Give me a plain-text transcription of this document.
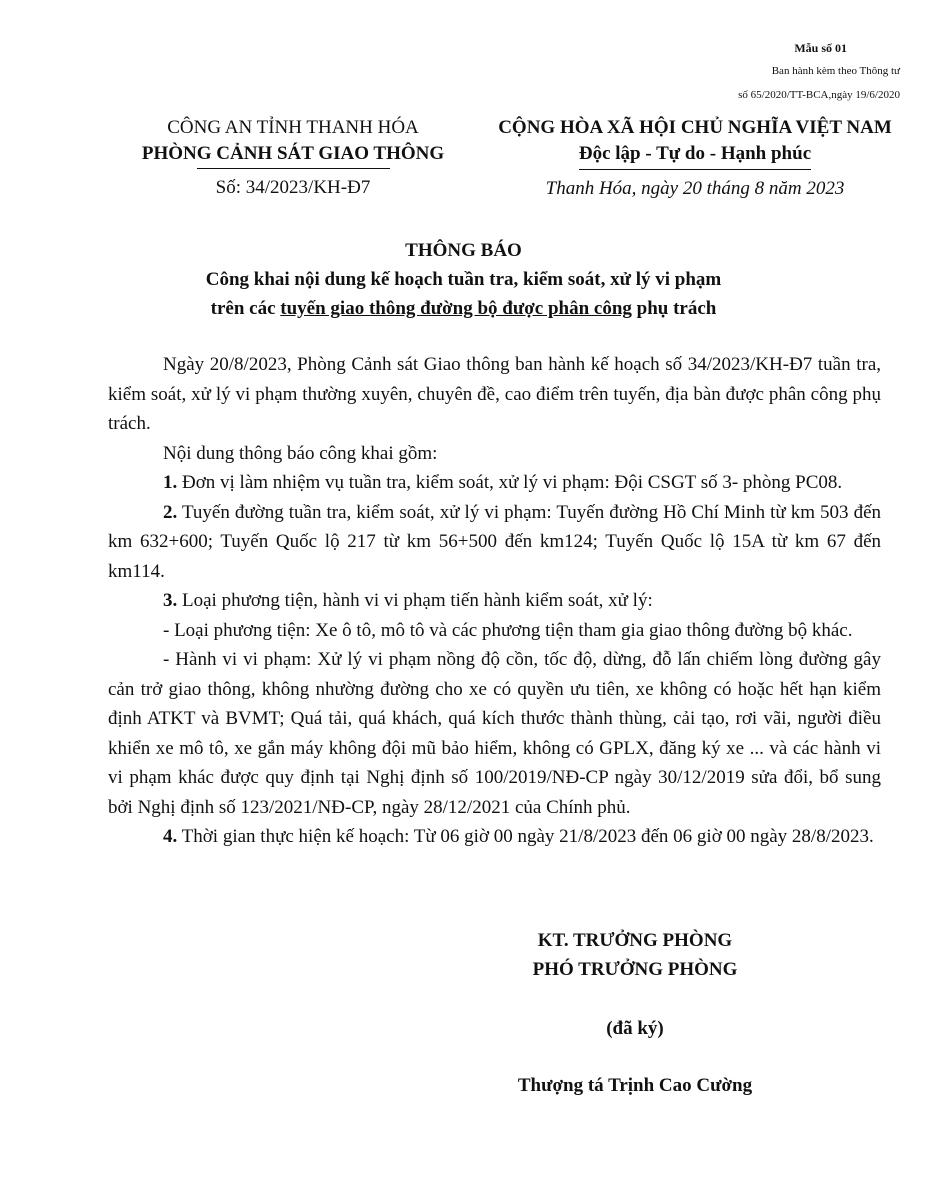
Mẫu số 01
Ban hành kèm theo Thông tư
số 65/2020/TT-BCA,ngày 19/6/2020
CÔNG AN TỈNH THANH HÓA
PHÒNG CẢNH SÁT GIAO THÔNG
Số: 34/2023/KH-Đ7
CỘNG HÒA XÃ HỘI CHỦ NGHĨA VIỆT NAM
Độc lập - Tự do - Hạnh phúc
Thanh Hóa, ngày 20 tháng 8 năm 2023
THÔNG BÁO
Công khai nội dung kế hoạch tuần tra, kiểm soát, xử lý vi phạm
trên các tuyến giao thông đường bộ được phân công phụ trách

Ngày 20/8/2023, Phòng Cảnh sát Giao thông ban hành kế hoạch số 34/2023/KH-Đ7 tuần tra, kiểm soát, xử lý vi phạm thường xuyên, chuyên đề, cao điểm trên tuyến, địa bàn được phân công phụ trách.

Nội dung thông báo công khai gồm:

1. Đơn vị làm nhiệm vụ tuần tra, kiểm soát, xử lý vi phạm: Đội CSGT số 3- phòng PC08.

2. Tuyến đường tuần tra, kiểm soát, xử lý vi phạm: Tuyến đường Hồ Chí Minh từ km 503 đến km 632+600; Tuyến Quốc lộ 217 từ km 56+500 đến km124; Tuyến Quốc lộ 15A từ km 67 đến km114.

3. Loại phương tiện, hành vi vi phạm tiến hành kiểm soát, xử lý:

- Loại phương tiện: Xe ô tô, mô tô và các phương tiện tham gia giao thông đường bộ khác.

- Hành vi vi phạm: Xử lý vi phạm nồng độ cồn, tốc độ, dừng, đỗ lấn chiếm lòng đường gây cản trở giao thông, không nhường đường cho xe có quyền ưu tiên, xe không có hoặc hết hạn kiểm định ATKT và BVMT; Quá tải, quá khách, quá kích thước thành thùng, cải tạo, rơi vãi, người điều khiển xe mô tô, xe gắn máy không đội mũ bảo hiểm, không có GPLX, đăng ký xe ... và các hành vi vi phạm khác được quy định tại Nghị định số 100/2019/NĐ-CP ngày 30/12/2019 sửa đổi, bổ sung bởi Nghị định số 123/2021/NĐ-CP, ngày 28/12/2021 của Chính phủ.

4. Thời gian thực hiện kế hoạch: Từ 06 giờ 00 ngày 21/8/2023 đến 06 giờ 00 ngày 28/8/2023.

KT. TRƯỞNG PHÒNG
PHÓ TRƯỞNG PHÒNG
(đã ký)
Thượng tá Trịnh Cao Cường
